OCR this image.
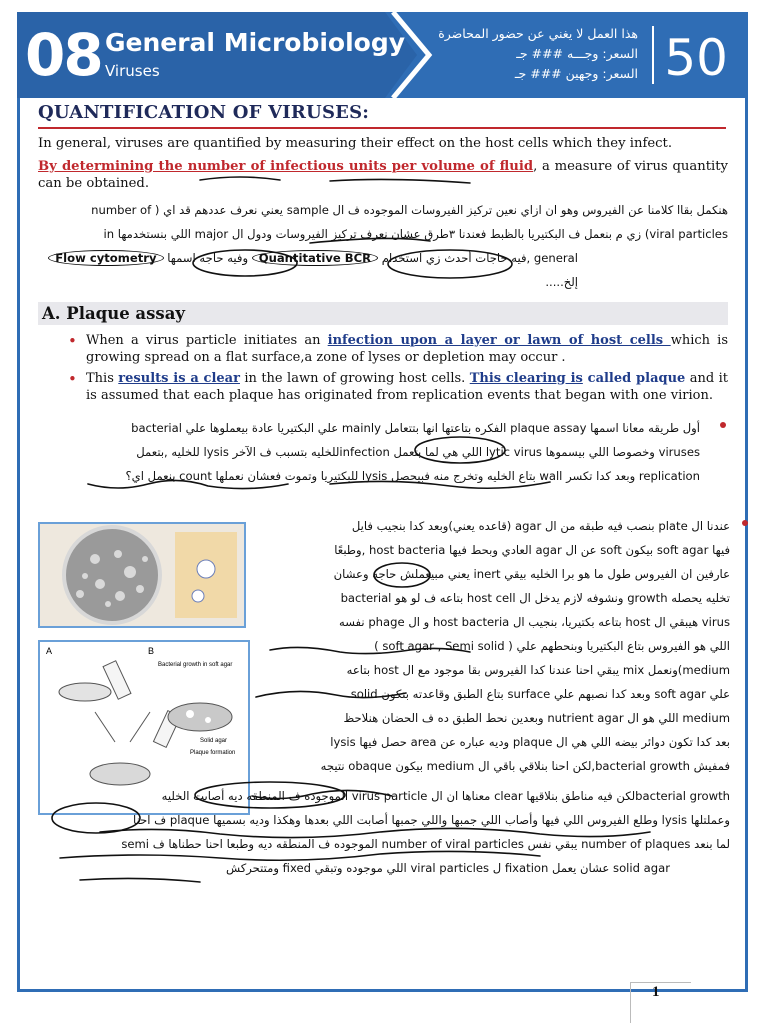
08 General Microbiology
Viruses
هذا العمل لا يغني عن حضور المحاضرة
السعر: وجـــه ### جـ
السعر: وجهين ### جـ 50
QUANTIFICATION OF VIRUSES:

In general, viruses are quantified by measuring their effect on the host cells which they infect.

By determining the number of infectious units per volume of fluid, a measure of virus quantity can be obtained.

هنكمل بقاا كلامنا عن الفيروس وهو ان ازاي نعين تركيز الفيروسات الموجوده ف ال sample يعني نعرف عددهم قد اي ( number of

viral particles) زي م بنعمل ف البكتيريا بالظبط فعندنا ٣طرق عشان نعرف تركيز الفيروسات ودول ال major اللي بنستخدمها in

general ,فيه حاجات أحدث زي استخدام Quantitative BCR وفيه حاجه اسمها Flow cytometry إلخ.....

A. Plaque assay
• When a virus particle initiates an infection upon a layer or lawn of host cells which is growing spread on a flat surface,a zone of lyses or depletion may occur .
• This results is a clear in the lawn of growing host cells. This clearing is called plaque and it is assumed that each plaque has originated from replication events that began with one virion.

أول طريقه معانا اسمها plaque assay الفكره بتاعتها انها بتتعامل mainly علي البكتيريا عادة بيعملوها علي bacterial

viruses وخصوصا اللي بيسموها lytic virus اللي هي لما بتعمل infectionللخليه بتسبب ف الآخر lysis للخليه ,بتعمل

replication وبعد كدا تكسر wall بتاع الخليه وتخرج منه فبيحصل lysis للبكتيريا وتموت فعشان نعملها count بنعمل اي؟

A	B
Bacterial growth in soft agar
Solid agar
Plaque formation

عندنا ال plate بنصب فيه طبقه من ال agar (قاعده يعني)وبعد كدا بنجيب فايل

فيها soft agar بيكون soft عن ال agar العادي وبحط فيها host bacteria ,وطبعًا

عارفين ان الفيروس طول ما هو برا الخليه بيقي inert يعني مبيعملش حاجه وعشان

تخليه يحصله growth ونشوفه لازم يدخل ال host cell بتاعه ف لو هو bacterial

virus هيبقي ال host بتاعه بكتيريا، بنجيب ال host bacteria و ال phage نفسه

اللي هو الفيروس بتاع البكتيريا وبنحطهم علي ( soft agar , Semi solid )

medium)ونعمل mix يبقي احنا عندنا كدا الفيروس بقا موجود مع ال host بتاعه

علي soft agar وبعد كدا نصبهم علي surface بتاع الطبق وقاعدته بتكون solid

medium اللي هو ال nutrient agar وبعدين نحط الطبق ده ف الحضان هنلاحظ

بعد كدا تكون دوائر بيضه اللي هي ال plaque وديه عباره عن area حصل فيها lysis

فمفيش bacterial growth,لكن احنا بنلاقي باقي ال medium بيكون obaque نتيجه

bacterial growthلكن فيه مناطق بنلاقيها clear معناها ان ال virus particle الموجوده ف المنطقه ديه أصابت الخليه

وعملتلها lysis وطلع الفيروس اللي فيها وأصاب اللي جمبها واللي جمبها أصابت اللي بعدها وهكذا وديه بسميها plaque ف احنا

لما بنعد number of plaques يبقي نفس number of viral particles الموجوده ف المنطقه ديه وطبعا احنا حطناها ف semi

solid agar عشان يعمل fixation ل viral particles اللي موجوده وتبقي fixed ومتتحركش

1
